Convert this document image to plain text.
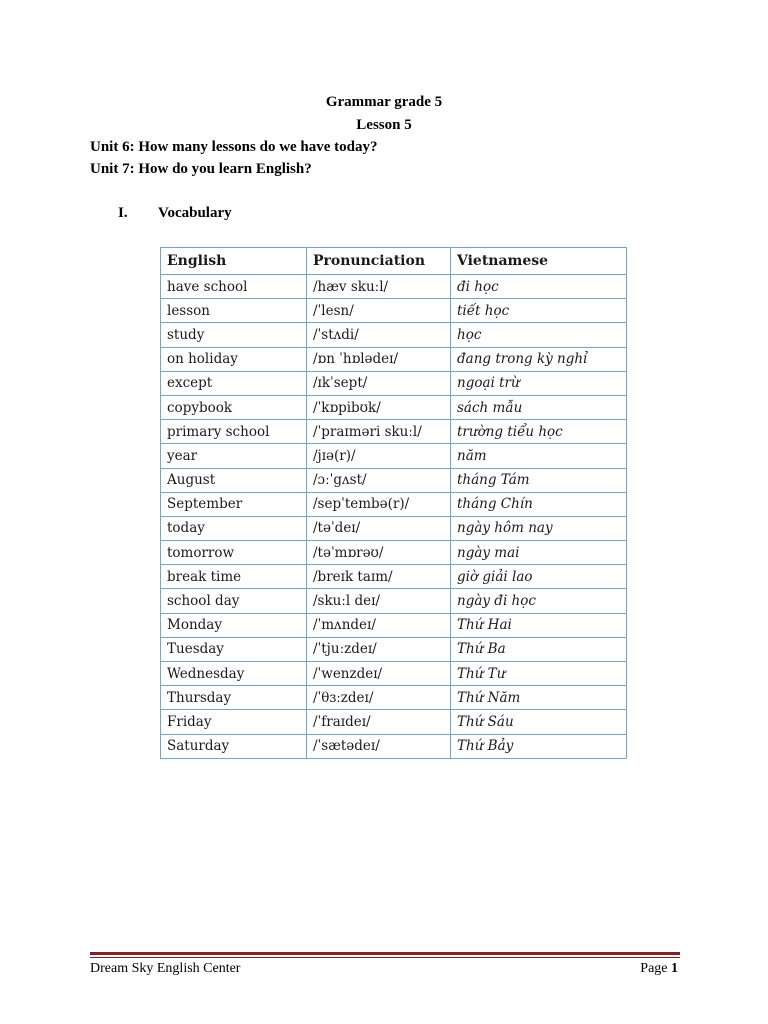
Grammar grade 5
Lesson 5
Unit 6: How many lessons do we have today?
Unit 7: How do you learn English?
I. Vocabulary
English	Pronunciation	Vietnamese
have school	/hæv skuːl/	đi học
lesson	/ˈlesn/	tiết học
study	/ˈstʌdi/	học
on holiday	/ɒn ˈhɒlədeɪ/	đang trong kỳ nghỉ
except	/ɪkˈsept/	ngoại trừ
copybook	/ˈkɒpibʊk/	sách mẫu
primary school	/ˈpraɪməri skuːl/	trường tiểu học
year	/jɪə(r)/	năm
August	/ɔːˈgʌst/	tháng Tám
September	/sepˈtembə(r)/	tháng Chín
today	/təˈdeɪ/	ngày hôm nay
tomorrow	/təˈmɒrəʊ/	ngày mai
break time	/breɪk taɪm/	giờ giải lao
school day	/skuːl deɪ/	ngày đi học
Monday	/ˈmʌndeɪ/	Thứ Hai
Tuesday	/ˈtjuːzdeɪ/	Thứ Ba
Wednesday	/ˈwenzdeɪ/	Thứ Tư
Thursday	/ˈθɜːzdeɪ/	Thứ Năm
Friday	/ˈfraɪdeɪ/	Thứ Sáu
Saturday	/ˈsætədeɪ/	Thứ Bảy
Dream Sky English Center	Page 1
